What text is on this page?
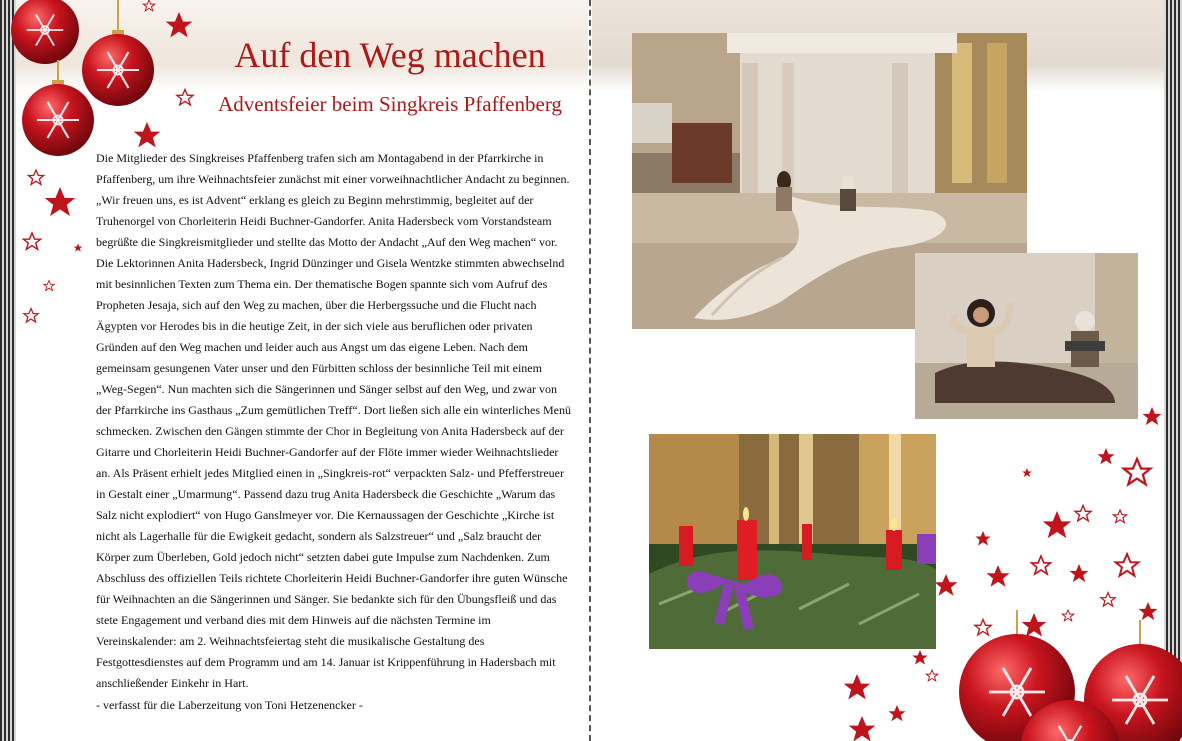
Auf den Weg machen
Adventsfeier beim Singkreis Pfaffenberg

Die Mitglieder des Singkreises Pfaffenberg trafen sich am Montagabend in der Pfarrkirche in Pfaffenberg, um ihre Weihnachtsfeier zunächst mit einer vorweihnachtlicher Andacht zu beginnen. „Wir freuen uns, es ist Advent“ erklang es gleich zu Beginn mehrstimmig, begleitet auf der Truhenorgel von Chorleiterin Heidi Buchner-Gandorfer. Anita Hadersbeck vom Vorstandsteam begrüßte die Singkreismitglieder und stellte das Motto der Andacht „Auf den Weg machen“ vor. Die Lektorinnen Anita Hadersbeck, Ingrid Dünzinger und Gisela Wentzke stimmten abwechselnd mit besinnlichen Texten zum Thema ein. Der thematische Bogen spannte sich vom Aufruf des Propheten Jesaja, sich auf den Weg zu machen, über die Herbergssuche und die Flucht nach Ägypten vor Herodes bis in die heutige Zeit, in der sich viele aus beruflichen oder privaten Gründen auf den Weg machen und leider auch aus Angst um das eigene Leben. Nach dem gemeinsam gesungenen Vater unser und den Fürbitten schloss der besinnliche Teil mit einem „Weg-Segen“. Nun machten sich die Sängerinnen und Sänger selbst auf den Weg, und zwar von der Pfarrkirche ins Gasthaus „Zum gemütlichen Treff“. Dort ließen sich alle ein winterliches Menü schmecken. Zwischen den Gängen stimmte der Chor in Begleitung von Anita Hadersbeck auf der Gitarre und Chorleiterin Heidi Buchner-Gandorfer auf der Flöte immer wieder Weihnachtslieder an. Als Präsent erhielt jedes Mitglied einen in „Singkreis-rot“ verpackten Salz- und Pfefferstreuer in Gestalt einer „Umarmung“. Passend dazu trug Anita Hadersbeck die Geschichte „Warum das Salz nicht explodiert“ von Hugo Ganslmeyer vor. Die Kernaussagen der Geschichte „Kirche ist nicht als Lagerhalle für die Ewigkeit gedacht, sondern als Salzstreuer“ und „Salz braucht der Körper zum Überleben, Gold jedoch nicht“ setzten dabei gute Impulse zum Nachdenken. Zum Abschluss des offiziellen Teils richtete Chorleiterin Heidi Buchner-Gandorfer ihre guten Wünsche für Weihnachten an die Sängerinnen und Sänger. Sie bedankte sich für den Übungsfleiß und das stete Engagement und verband dies mit dem Hinweis auf die nächsten Termine im Vereinskalender: am 2. Weihnachtsfeiertag steht die musikalische Gestaltung des Festgottesdienstes auf dem Programm und am 14. Januar ist Krippenführung in Hadersbach mit anschließender Einkehr in Hart.

- verfasst für die Laberzeitung von Toni Hetzenencker -
